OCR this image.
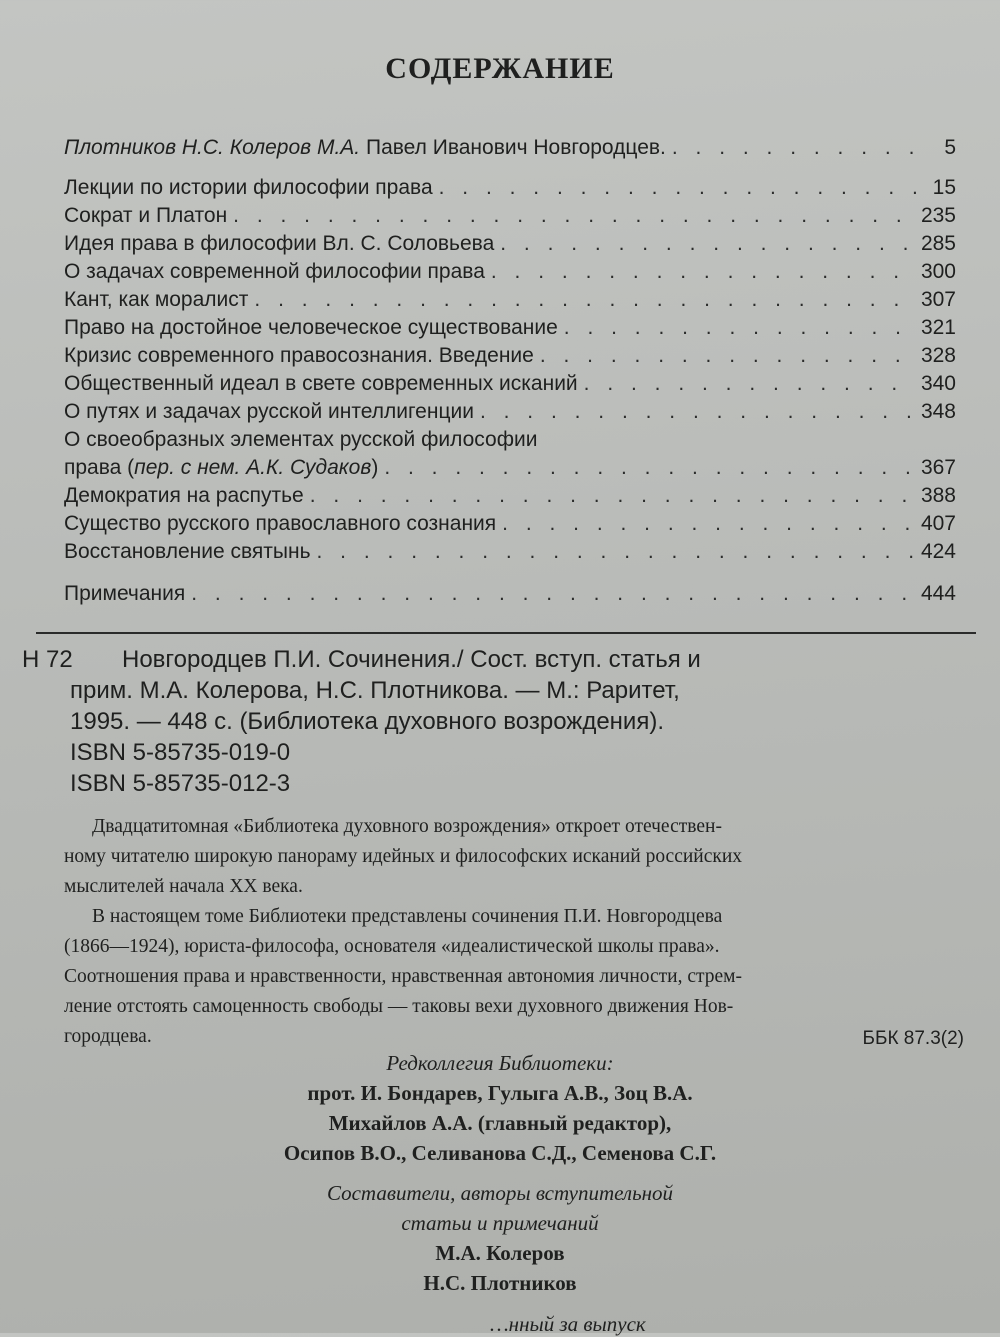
СОДЕРЖАНИЕ
Плотников Н.С. Колеров М.А. Павел Иванович Новгородцев. . . .	5
Лекции по истории философии права . . .	15
Сократ и Платон . . .	235
Идея права в философии Вл. С. Соловьева . . .	285
О задачах современной философии права . . .	300
Кант, как моралист . . .	307
Право на достойное человеческое существование . . .	321
Кризис современного правосознания. Введение . . .	328
Общественный идеал в свете современных исканий . . .	340
О путях и задачах русской интеллигенции . . .	348
О своеобразных элементах русской философии
права (пер. с нем. А.К. Судаков) . . .	367
Демократия на распутье . . .	388
Существо русского православного сознания . . .	407
Восстановление святынь . . .	424
Примечания . . .	444
Н 72 Новгородцев П.И. Сочинения./ Сост. вступ. статья и
прим. М.А. Колерова, Н.С. Плотникова. — М.: Раритет,
1995. — 448 с. (Библиотека духовного возрождения).
ISBN 5-85735-019-0
ISBN 5-85735-012-3

Двадцатитомная «Библиотека духовного возрождения» откроет отечествен-
ному читателю широкую панораму идейных и философских исканий российских
мыслителей начала XX века.

В настоящем томе Библиотеки представлены сочинения П.И. Новгородцева
(1866—1924), юриста-философа, основателя «идеалистической школы права».
Соотношения права и нравственности, нравственная автономия личности, стрем-
ление отстоять самоценность свободы — таковы вехи духовного движения Нов-
городцева.	ББК 87.3(2)
Редколлегия Библиотеки:
прот. И. Бондарев, Гулыга А.В., Зоц В.А.
Михайлов А.А. (главный редактор),
Осипов В.О., Селиванова С.Д., Семенова С.Г.
Составители, авторы вступительной
статьи и примечаний
М.А. Колеров
Н.С. Плотников
…нный за выпуск
